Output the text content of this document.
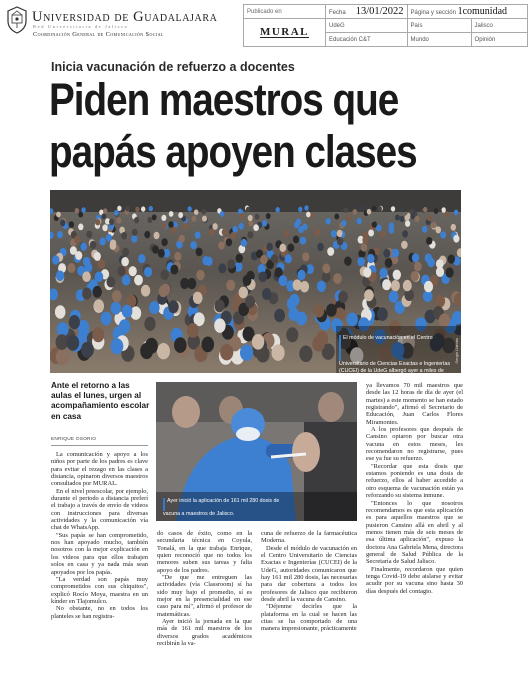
Universidad de Guadalajara
Red Universitaria de Jalisco
Coordinación General de Comunicación Social
Publicado en	Fecha 13/01/2022	Página y sección 1comunidad	
MURAL	UdeG	País	Jalisco
	Educación C&T	Mundo	Opinión
Inicia vacunación de refuerzo a docentes
Piden maestros que
papás apoyen clases
El módulo de vacunación en el Centro Universitario de Ciencias Exactas e Ingenierías (CUCEI) de la UdeG albergó ayer a miles de maestros.
Sergio Llamas
Ante el retorno a las aulas el lunes, urgen al acompañamiento escolar en casa
ENRIQUE OSORIO
Ayer inició la aplicación de 161 mil 280 dosis de vacuna a maestros de Jalisco.

La comunicación y apoyo a los niños por parte de los padres es clave para evitar el rezago en las clases a distancia, opinaron diversos maestros consultados por MURAL.

En el nivel preescolar, por ejemplo, durante el periodo a distancia preferí el trabajo a través de envío de videos con instrucciones para diversas actividades y la comunicación vía chat de WhatsApp.

"Sus papás se han comprometido, nos han apoyado mucho, también nosotros con la mejor explicación en los videos para que ellos trabajen solos en casa y ya nada más sean apoyados por los papás.

"La verdad son papás muy comprometidos con sus chiquitos", explicó Rocío Moya, maestra en un kínder en Tlajomulco.

No obstante, no en todos los planteles se han registra-

do casos de éxito, como en la secundaria técnica en Coyula, Tonalá, en la que trabaja Enrique, quien reconoció que no todos los menores suben sus tareas y falta apoyo de los padres.

"De que me entreguen las actividades (vía Classroom) sí ha sido muy bajo el promedio, sí es mejor en la presencialidad en ese caso para mí", afirmó el profesor de matemáticas.

Ayer inició la jornada en la que más de 161 mil maestros de los diversos grados académicos recibirán la va-

cuna de refuerzo de la farmacéutica Moderna.

Desde el módulo de vacunación en el Centro Universitario de Ciencias Exactas e Ingenierías (CUCEI) de la UdeG, autoridades comunicaron que hay 161 mil 280 dosis, las necesarias para dar cobertura a todos los profesores de Jalisco que recibieron desde abril la vacuna de Cansino.

"Déjenme decirles que la plataforma en la cual se hacen las citas se ha comportado de una manera impresionante, prácticamente

ya llevamos 70 mil maestros que desde las 12 horas de día de ayer (el martes) a este momento se han estado registrando", afirmó el Secretario de Educación, Juan Carlos Flores Miramontes.

A los profesores que después de Cansino optaron por buscar otra vacuna en estos meses, les recomendaron no registrarse, pues ese ya fue su refuerzo.

"Recordar que esta dosis que estamos poniendo es una dosis de refuerzo, ellos al haber accedido a otro esquema de vacunación están ya reforzando su sistema inmune.

"Entonces lo que nosotros recomendamos es que esta aplicación es para aquellos maestros que se pusieron Cansino allá en abril y al menos tienen más de seis meses de esa última aplicación", expuso la doctora Ana Gabriela Mena, directora general de Salud Pública de la Secretaría de Salud Jalisco.

Finalmente, recordaron que quien tenga Covid-19 debe aislarse y evitar acudir por su vacuna sino hasta 30 días después del contagio.
